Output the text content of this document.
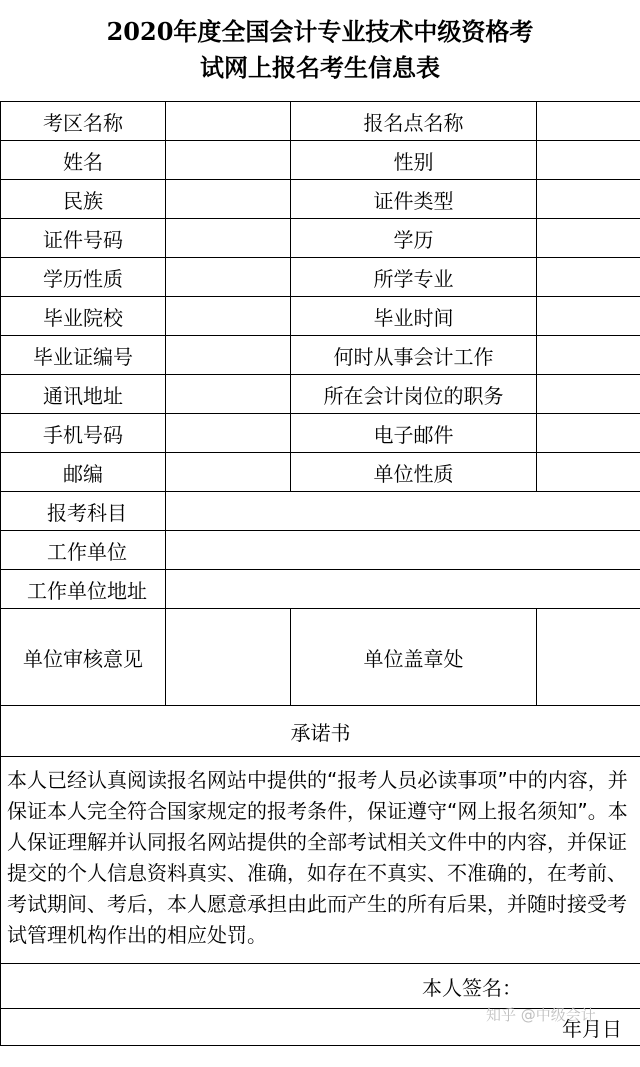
2020年度全国会计专业技术中级资格考
试网上报名考生信息表
考区名称		报名点名称	
姓名		性别	
民族		证件类型	
证件号码		学历	
学历性质		所学专业	
毕业院校		毕业时间	
毕业证编号		何时从事会计工作	
通讯地址		所在会计岗位的职务	
手机号码		电子邮件	
邮编		单位性质	
报考科目			
工作单位			
工作单位地址			
单位审核意见		单位盖章处	
承诺书			
本人已经认真阅读报名网站中提供的“报考人员必读事项”中的内容，并保证本人完全符合国家规定的报考条件，保证遵守“网上报名须知”。本人保证理解并认同报名网站提供的全部考试相关文件中的内容，并保证提交的个人信息资料真实、准确，如存在不真实、不准确的，在考前、考试期间、考后，本人愿意承担由此而产生的所有后果，并随时接受考试管理机构作出的相应处罚。			
本人签名：			
年月日			
知乎 @中级会计
